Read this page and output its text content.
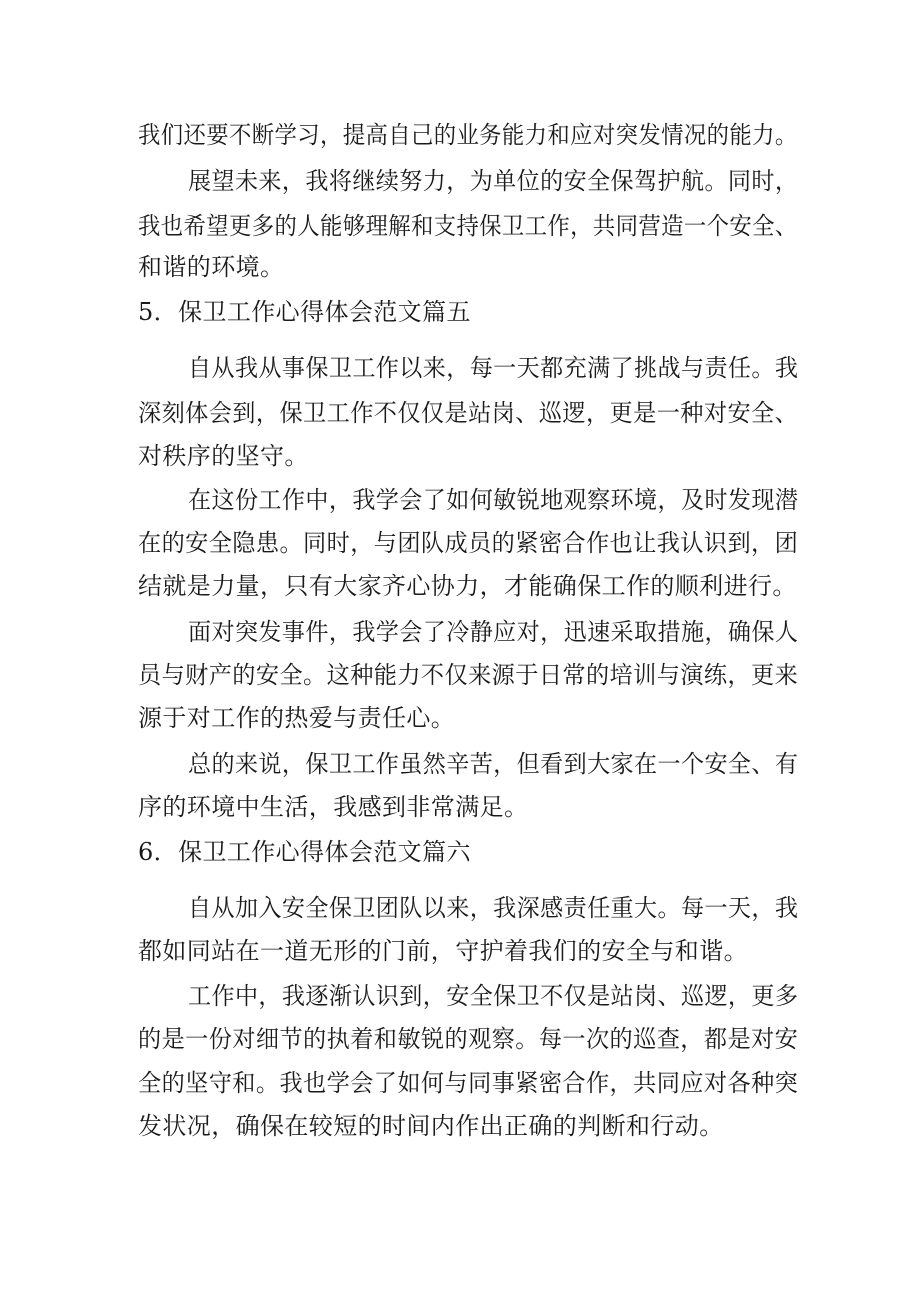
我们还要不断学习，提高自己的业务能力和应对突发情况的能力。
展望未来，我将继续努力，为单位的安全保驾护航。同时，
我也希望更多的人能够理解和支持保卫工作，共同营造一个安全、
和谐的环境。
5．保卫工作心得体会范文篇五
自从我从事保卫工作以来，每一天都充满了挑战与责任。我
深刻体会到，保卫工作不仅仅是站岗、巡逻，更是一种对安全、
对秩序的坚守。
在这份工作中，我学会了如何敏锐地观察环境，及时发现潜
在的安全隐患。同时，与团队成员的紧密合作也让我认识到，团
结就是力量，只有大家齐心协力，才能确保工作的顺利进行。
面对突发事件，我学会了冷静应对，迅速采取措施，确保人
员与财产的安全。这种能力不仅来源于日常的培训与演练，更来
源于对工作的热爱与责任心。
总的来说，保卫工作虽然辛苦，但看到大家在一个安全、有
序的环境中生活，我感到非常满足。
6．保卫工作心得体会范文篇六
自从加入安全保卫团队以来，我深感责任重大。每一天，我
都如同站在一道无形的门前，守护着我们的安全与和谐。
工作中，我逐渐认识到，安全保卫不仅是站岗、巡逻，更多
的是一份对细节的执着和敏锐的观察。每一次的巡查，都是对安
全的坚守和。我也学会了如何与同事紧密合作，共同应对各种突
发状况，确保在较短的时间内作出正确的判断和行动。
